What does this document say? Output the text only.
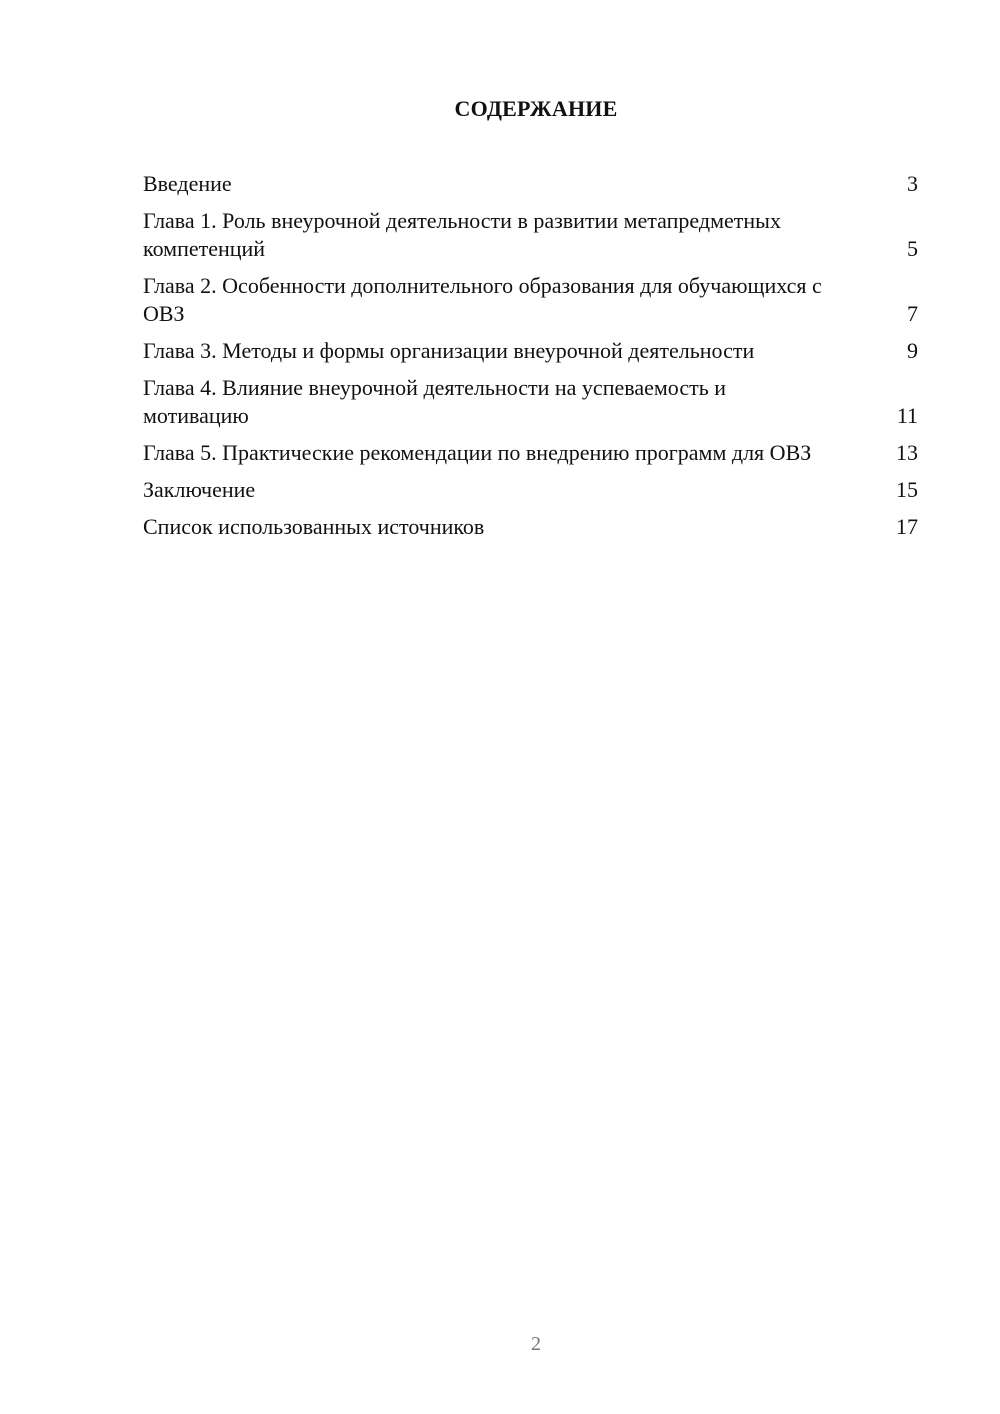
СОДЕРЖАНИЕ
Введение	3
Глава 1. Роль внеурочной деятельности в развитии метапредметных компетенций	5
Глава 2. Особенности дополнительного образования для обучающихся с ОВЗ	7
Глава 3. Методы и формы организации внеурочной деятельности	9
Глава 4. Влияние внеурочной деятельности на успеваемость и мотивацию	11
Глава 5. Практические рекомендации по внедрению программ для ОВЗ	13
Заключение	15
Список использованных источников	17
2
